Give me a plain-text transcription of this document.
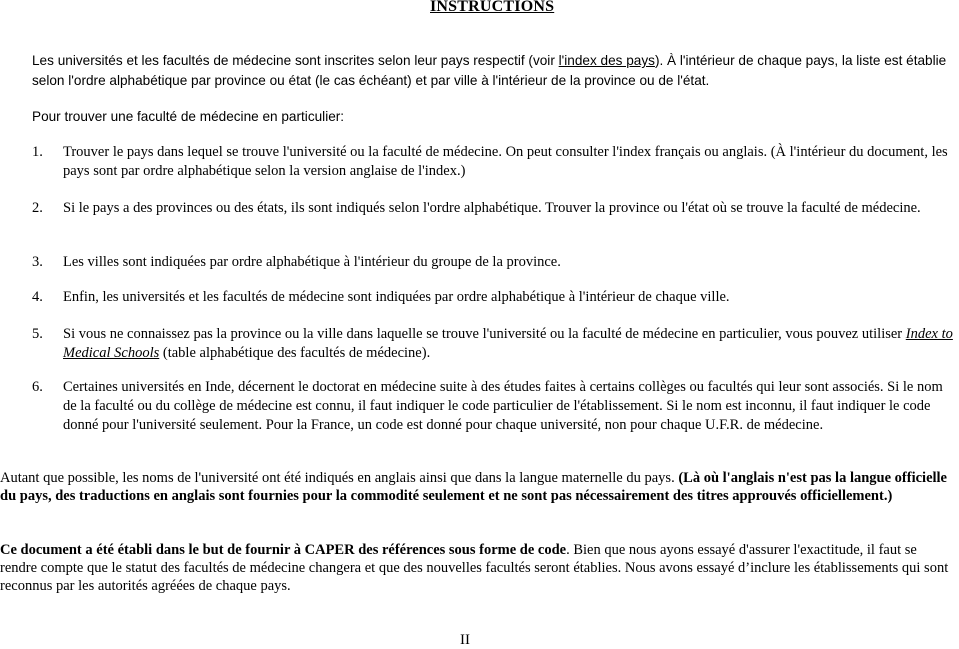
INSTRUCTIONS

Les universités et les facultés de médecine sont inscrites selon leur pays respectif (voir l'index des pays). À l'intérieur de chaque pays, la liste est établie selon l'ordre alphabétique par province ou état (le cas échéant) et par ville à l'intérieur de la province ou de l'état.

Pour trouver une faculté de médecine en particulier:

1. Trouver le pays dans lequel se trouve l'université ou la faculté de médecine. On peut consulter l'index français ou anglais. (À l'intérieur du document, les pays sont par ordre alphabétique selon la version anglaise de l'index.)
2. Si le pays a des provinces ou des états, ils sont indiqués selon l'ordre alphabétique. Trouver la province ou l'état où se trouve la faculté de médecine.
3. Les villes sont indiquées par ordre alphabétique à l'intérieur du groupe de la province.
4. Enfin, les universités et les facultés de médecine sont indiquées par ordre alphabétique à l'intérieur de chaque ville.
5. Si vous ne connaissez pas la province ou la ville dans laquelle se trouve l'université ou la faculté de médecine en particulier, vous pouvez utiliser Index to Medical Schools (table alphabétique des facultés de médecine).
6. Certaines universités en Inde, décernent le doctorat en médecine suite à des études faites à certains collèges ou facultés qui leur sont associés. Si le nom de la faculté ou du collège de médecine est connu, il faut indiquer le code particulier de l'établissement. Si le nom est inconnu, il faut indiquer le code donné pour l'université seulement. Pour la France, un code est donné pour chaque université, non pour chaque U.F.R. de médecine.

Autant que possible, les noms de l'université ont été indiqués en anglais ainsi que dans la langue maternelle du pays. (Là où l'anglais n'est pas la langue officielle du pays, des traductions en anglais sont fournies pour la commodité seulement et ne sont pas nécessairement des titres approuvés officiellement.)

Ce document a été établi dans le but de fournir à CAPER des références sous forme de code. Bien que nous ayons essayé d'assurer l'exactitude, il faut se rendre compte que le statut des facultés de médecine changera et que des nouvelles facultés seront établies. Nous avons essayé d’inclure les établissements qui sont reconnus par les autorités agréées de chaque pays.

II
